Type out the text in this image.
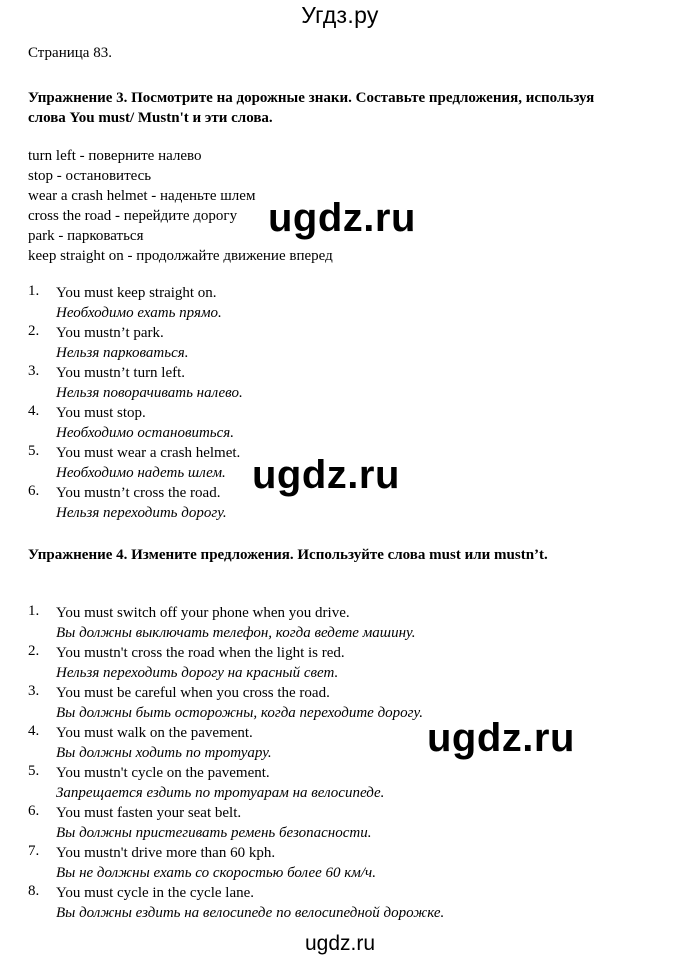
Угдз.ру
Страница 83.
Упражнение 3. Посмотрите на дорожные знаки. Составьте предложения, используя слова You must/ Mustn't и эти слова.
turn left - поверните налево
stop - остановитесь
wear a crash helmet - наденьте шлем
cross the road - перейдите дорогу
park - парковаться
keep straight on - продолжайте движение вперед
1.	You must keep straight on.
Необходимо ехать прямо.
2.	You mustn’t park.
Нельзя парковаться.
3.	You mustn’t turn left.
Нельзя поворачивать налево.
4.	You must stop.
Необходимо остановиться.
5.	You must wear a crash helmet.
Необходимо надеть шлем.
6.	You mustn’t cross the road.
Нельзя переходить дорогу.
Упражнение 4. Измените предложения. Используйте слова must или mustn’t.
1.	You must switch off your phone when you drive.
Вы должны выключать телефон, когда ведете машину.
2.	You mustn't cross the road when the light is red.
Нельзя переходить дорогу на красный свет.
3.	You must be careful when you cross the road.
Вы должны быть осторожны, когда переходите дорогу.
4.	You must walk on the pavement.
Вы должны ходить по тротуару.
5.	You mustn't cycle on the pavement.
Запрещается ездить по тротуарам на велосипеде.
6.	You must fasten your seat belt.
Вы должны пристегивать ремень безопасности.
7.	You mustn't drive more than 60 kph.
Вы не должны ехать со скоростью более 60 км/ч.
8.	You must cycle in the cycle lane.
Вы должны ездить на велосипеде по велосипедной дорожке.
ugdz.ru
ugdz.ru
ugdz.ru
ugdz.ru
